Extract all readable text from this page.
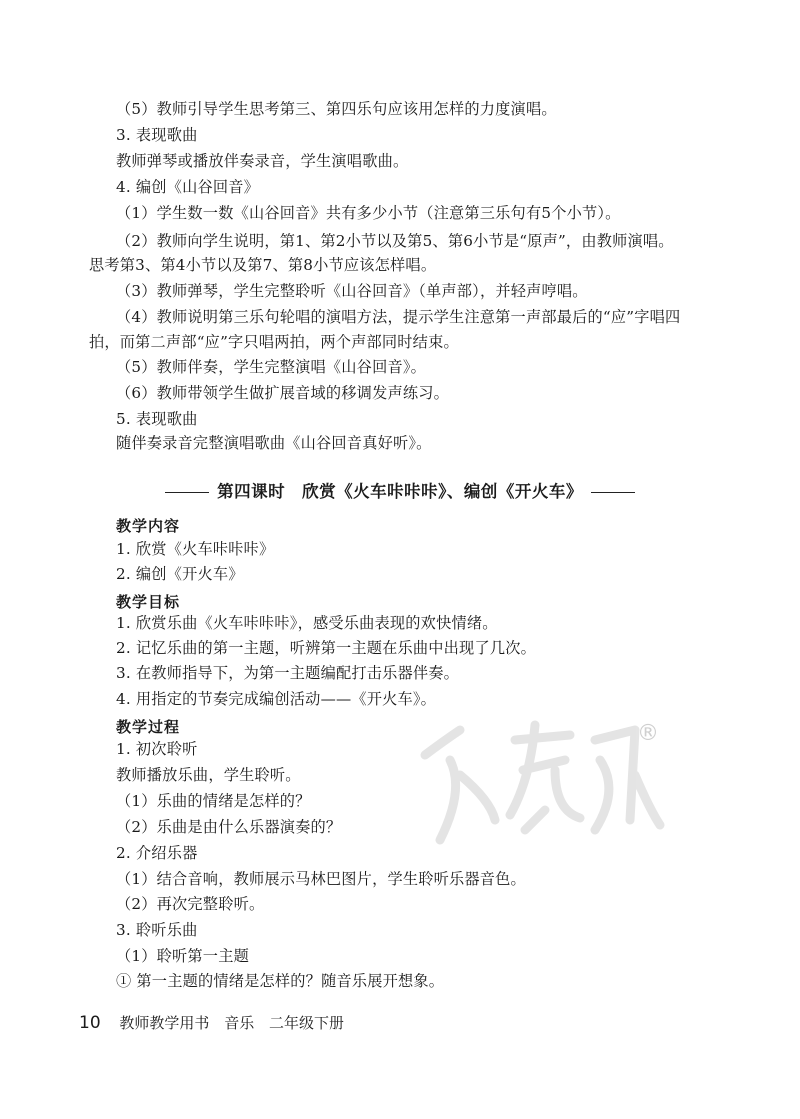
（5）教师引导学生思考第三、第四乐句应该用怎样的力度演唱。
3. 表现歌曲
教师弹琴或播放伴奏录音，学生演唱歌曲。
4. 编创《山谷回音》
（1）学生数一数《山谷回音》共有多少小节（注意第三乐句有5个小节）。
（2）教师向学生说明，第1、第2小节以及第5、第6小节是“原声”，由教师演唱。
思考第3、第4小节以及第7、第8小节应该怎样唱。
（3）教师弹琴，学生完整聆听《山谷回音》（单声部），并轻声哼唱。
（4）教师说明第三乐句轮唱的演唱方法，提示学生注意第一声部最后的“应”字唱四
拍，而第二声部“应”字只唱两拍，两个声部同时结束。
（5）教师伴奏，学生完整演唱《山谷回音》。
（6）教师带领学生做扩展音域的移调发声练习。
5. 表现歌曲
随伴奏录音完整演唱歌曲《山谷回音真好听》。
第四课时　欣赏《火车咔咔咔》、编创《开火车》
教学内容
1. 欣赏《火车咔咔咔》
2. 编创《开火车》
教学目标
1. 欣赏乐曲《火车咔咔咔》，感受乐曲表现的欢快情绪。
2. 记忆乐曲的第一主题，听辨第一主题在乐曲中出现了几次。
3. 在教师指导下，为第一主题编配打击乐器伴奏。
4. 用指定的节奏完成编创活动——《开火车》。
教学过程
1. 初次聆听
教师播放乐曲，学生聆听。
（1）乐曲的情绪是怎样的？
（2）乐曲是由什么乐器演奏的？
2. 介绍乐器
（1）结合音响，教师展示马林巴图片，学生聆听乐器音色。
（2）再次完整聆听。
3. 聆听乐曲
（1）聆听第一主题
① 第一主题的情绪是怎样的？随音乐展开想象。
®
10 教师教学用书 音乐 二年级下册
